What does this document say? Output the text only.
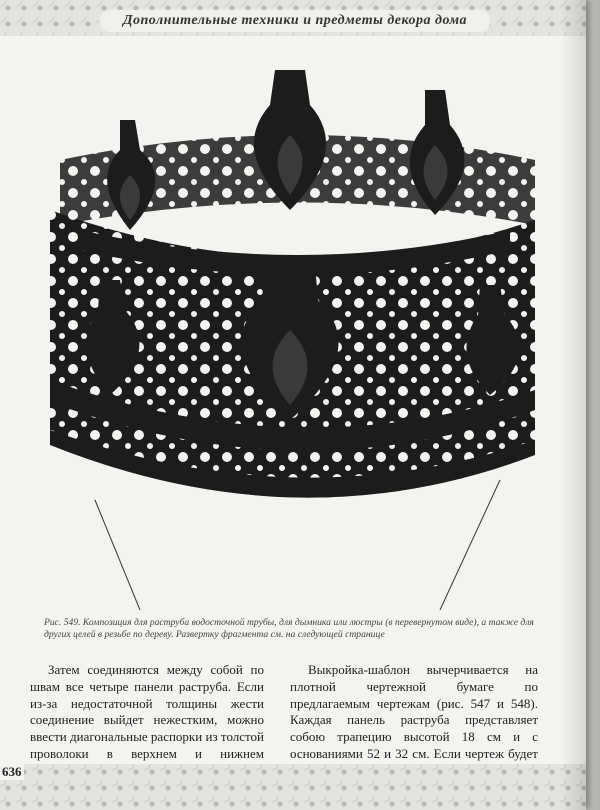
Дополнительные техники и предметы декора дома
Рис. 549. Композиция для раструба водосточной трубы, для дымника или люстры (в перевернутом виде), а также для других целей в резьбе по дереву. Развертку фрагмента см. на следующей странице

Затем соединяются между собой по швам все четыре панели раструба. Если из-за недостаточной толщины жести соединение выйдет нежестким, можно ввести диагональные распорки из толстой проволоки в верхнем и нижнем

Выкройка-шаблон вычерчивается на плотной чертежной бумаге по предлагаемым чертежам (рис. 547 и 548). Каждая панель раструба представляет собою трапецию высотой 18 см и с основаниями 52 и 32 см. Если чертеж будет

636
